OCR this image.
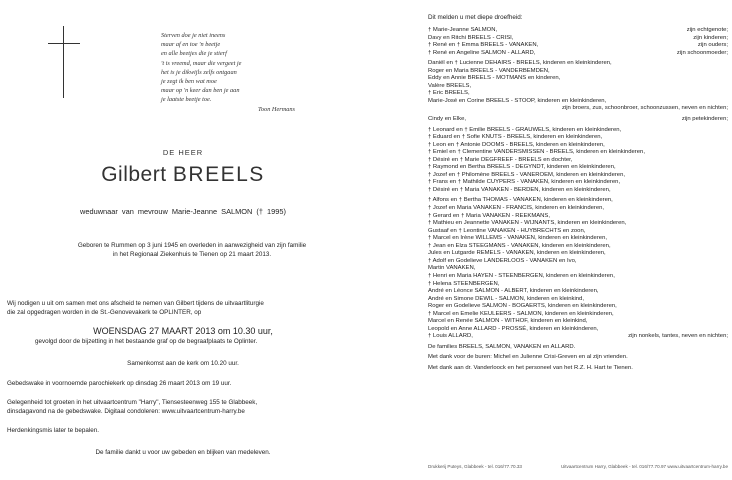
Sterven doe je niet ineens
maar af en toe 'n beetje
en alle beetjes die je stierf
't is vreemd, maar die vergeet je
het is je dikwijls zelfs ontgaan
je zegt ik ben wat moe
maar op 'n keer dan ben je aan
je laatste beetje toe.
Toon Hermans
DE HEER
Gilbert BREELS
weduwnaar van mevrouw Marie-Jeanne SALMON († 1995)
Geboren te Rummen op 3 juni 1945 en overleden in aanwezigheid van zijn familie
in het Regionaal Ziekenhuis te Tienen op 21 maart 2013.
Wij nodigen u uit om samen met ons afscheid te nemen van Gilbert tijdens de uitvaartliturgie
die zal opgedragen worden in de St.-Genovevakerk te OPLINTER, op
WOENSDAG 27 MAART 2013 om 10.30 uur,
gevolgd door de bijzetting in het bestaande graf op de begraafplaats te Oplinter.
Samenkomst aan de kerk om 10.20 uur.
Gebedswake in voornoemde parochiekerk op dinsdag 26 maart 2013 om 19 uur.
Gelegenheid tot groeten in het uitvaartcentrum "Harry", Tiensesteenweg 155 te Glabbeek,
dinsdagavond na de gebedswake. Digitaal condoleren: www.uitvaartcentrum-harry.be
Herdenkingsmis later te bepalen.
De familie dankt u voor uw gebeden en blijken van medeleven.
Dit melden u met diepe droefheid:
† Marie-Jeanne SALMON,	zijn echtgenote;
Davy en Ritchi BREELS - CRISI,	zijn kinderen;
† René en † Emma BREELS - VANAKEN,	zijn ouders;
† René en Angeline SALMON - ALLARD,	zijn schoonmoeder;
Daniël en † Lucienne DEHAIRS - BREELS, kinderen en kleinkinderen,
Roger en Maria BREELS - VANDERBEMDEN,
Eddy en Annie BREELS - MOTMANS en kinderen,
Valère BREELS,
† Eric BREELS,
Marie-José en Corine BREELS - STOOP, kinderen en kleinkinderen,
zijn broers, zus, schoonbroer, schoonzussen, neven en nichten;
Cindy en Elke,	zijn petekinderen;
† Leonard en † Emilie BREELS - GRAUWELS, kinderen en kleinkinderen,
† Eduard en † Sofie KNUTS - BREELS, kinderen en kleinkinderen,
† Leon en † Antonie DOOMS - BREELS, kinderen en kleinkinderen,
† Emiel en † Clementine VANDERSMISSEN - BREELS, kinderen en kleinkinderen,
† Désiré en † Marie DEGFREEF - BREELS en dochter,
† Raymond en Bertha BREELS - DEGYNDT, kinderen en kleinkinderen,
† Jozef en † Philomène BREELS - VANEROEM, kinderen en kleinkinderen,
† Frans en † Mathilde CUYPERS - VANAKEN, kinderen en kleinkinderen,
† Désiré en † Maria VANAKEN - BERDEN, kinderen en kleinkinderen,
† Alfons en † Bertha THOMAS - VANAKEN, kinderen en kleinkinderen,
† Jozef en Maria VANAKEN - FRANCIS, kinderen en kleinkinderen,
† Gerard en † Maria VANAKEN - REEKMANS,
† Mathieu en Jeannette VANAKEN - WIJNANTS, kinderen en kleinkinderen,
Gustaaf en † Leontine VANAKEN - HUYBRECHTS en zoon,
† Marcel en Irène WILLEMS - VANAKEN, kinderen en kleinkinderen,
† Jean en Elza STEEGMANS - VANAKEN, kinderen en kleinkinderen,
Jules en Lutgarde REMELS - VANAKEN, kinderen en kleinkinderen,
† Adolf en Godelieve LANDERLOOS - VANAKEN en Ivo,
Martin VANAKEN,
† Henri en Maria HAYEN - STEENBERGEN, kinderen en kleinkinderen,
† Helena STEENBERGEN,
André en Léonce SALMON - ALBERT, kinderen en kleinkinderen,
André en Simone DEWIL - SALMON, kinderen en kleinkind,
Roger en Godelieve SALMON - BOGAERTS, kinderen en kleinkinderen,
† Marcel en Emelie KEULEERS - SALMON, kinderen en kleinkinderen,
Marcel en Renée SALMON - WITHOF, kinderen en kleinkind,
Leopold en Anne ALLARD - PROSSÉ, kinderen en kleinkinderen,
† Louis ALLARD,	zijn nonkels, tantes, neven en nichten;
De families BREELS, SALMON, VANAKEN en ALLARD.
Met dank voor de buren: Michel en Julienne Crisi-Greven en al zijn vrienden.
Met dank aan dr. Vanderloock en het personeel van het R.Z. H. Hart te Tienen.
Drukkerij Puteys, Glabbeek - tel. 016/77.70.33	Uitvaartcentrum Harry, Glabbeek - tel. 016/77.70.97 www.uitvaartcentrum-harry.be
